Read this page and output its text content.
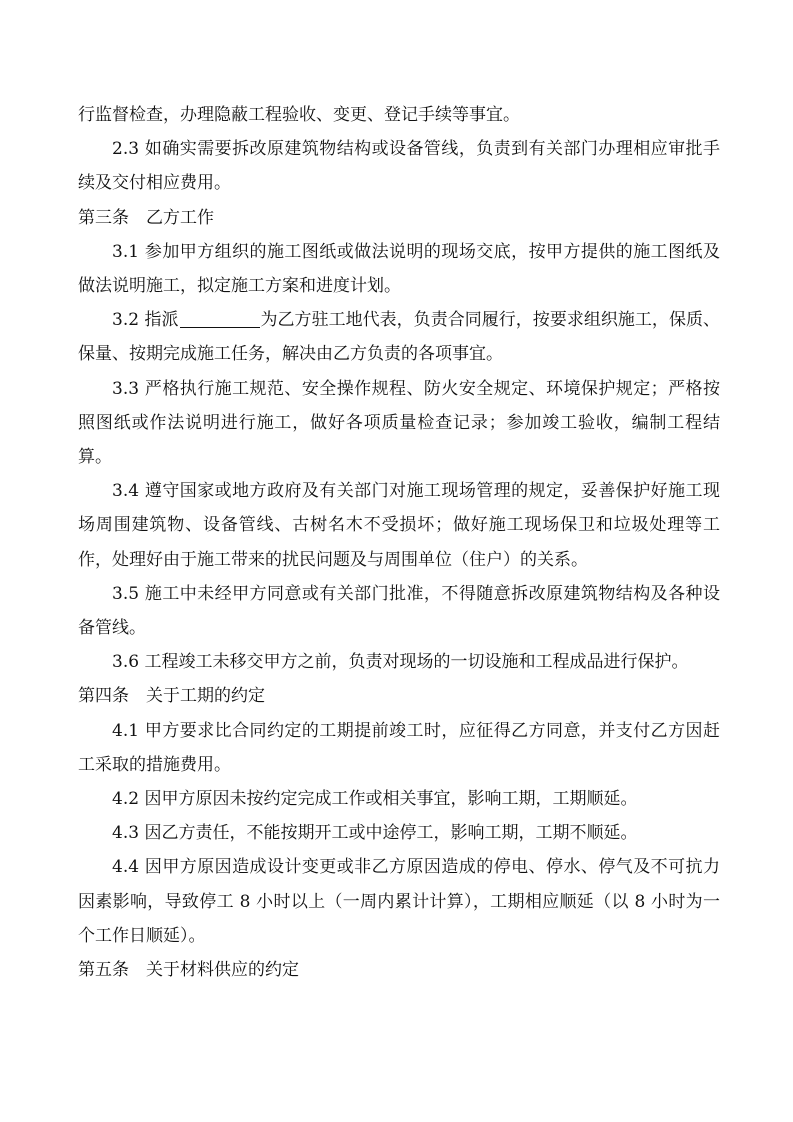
行监督检查，办理隐蔽工程验收、变更、登记手续等事宜。

2.3 如确实需要拆改原建筑物结构或设备管线，负责到有关部门办理相应审批手续及交付相应费用。

第三条　乙方工作

3.1 参加甲方组织的施工图纸或做法说明的现场交底，按甲方提供的施工图纸及做法说明施工，拟定施工方案和进度计划。

3.2 指派	为乙方驻工地代表，负责合同履行，按要求组织施工，保质、保量、按期完成施工任务，解决由乙方负责的各项事宜。

3.3 严格执行施工规范、安全操作规程、防火安全规定、环境保护规定；严格按照图纸或作法说明进行施工，做好各项质量检查记录；参加竣工验收，编制工程结算。

3.4 遵守国家或地方政府及有关部门对施工现场管理的规定，妥善保护好施工现场周围建筑物、设备管线、古树名木不受损坏；做好施工现场保卫和垃圾处理等工作，处理好由于施工带来的扰民问题及与周围单位（住户）的关系。

3.5 施工中未经甲方同意或有关部门批准，不得随意拆改原建筑物结构及各种设备管线。

3.6 工程竣工未移交甲方之前，负责对现场的一切设施和工程成品进行保护。

第四条　关于工期的约定

4.1 甲方要求比合同约定的工期提前竣工时，应征得乙方同意，并支付乙方因赶工采取的措施费用。

4.2 因甲方原因未按约定完成工作或相关事宜，影响工期，工期顺延。

4.3 因乙方责任，不能按期开工或中途停工，影响工期，工期不顺延。

4.4 因甲方原因造成设计变更或非乙方原因造成的停电、停水、停气及不可抗力因素影响，导致停工 8 小时以上（一周内累计计算），工期相应顺延（以 8 小时为一个工作日顺延）。

第五条　关于材料供应的约定
